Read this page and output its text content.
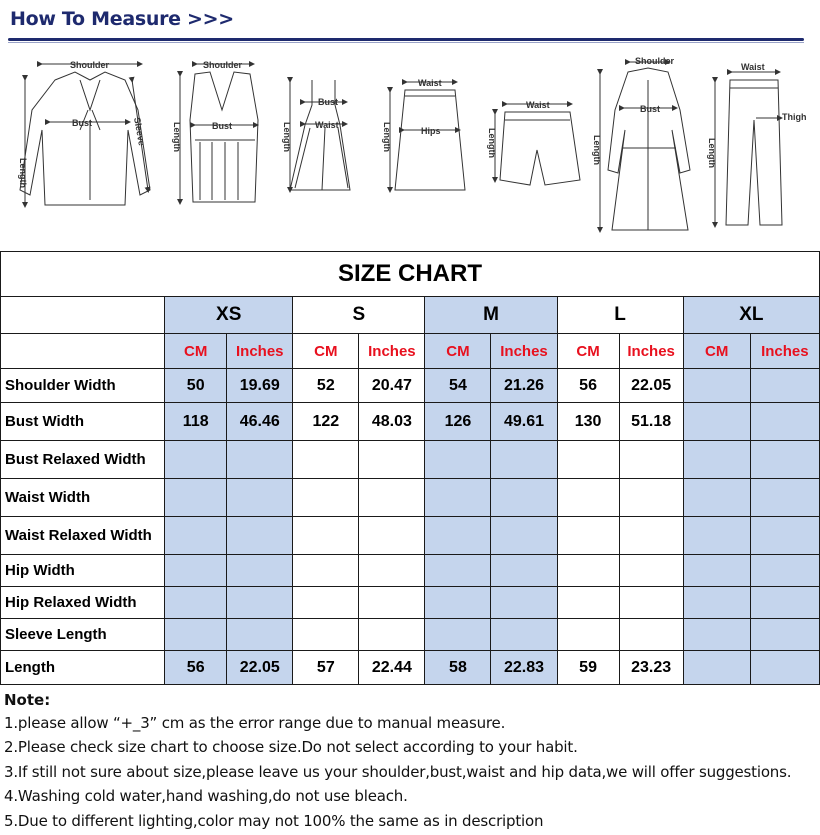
How To Measure >>>
Shoulder
Bust
Length
Sleeve
Shoulder
Bust
Length
Bust
Waist
Length
Waist
Hips
Length
Waist
Length
Shoulder
Bust
Length
Waist
Thigh
Length
SIZE CHART										
	XS		S		M		L		XL	
	CM	Inches	CM	Inches	CM	Inches	CM	Inches	CM	Inches
Shoulder Width	50	19.69	52	20.47	54	21.26	56	22.05		
Bust Width	118	46.46	122	48.03	126	49.61	130	51.18		
Bust Relaxed Width										
Waist Width										
Waist Relaxed Width										
Hip Width										
Hip Relaxed Width										
Sleeve Length										
Length	56	22.05	57	22.44	58	22.83	59	23.23		
Note:
1.please allow “+_3” cm as the error range due to manual measure.
2.Please check size chart to choose size.Do not select according to your habit.
3.If still not sure about size,please leave us your shoulder,bust,waist and hip data,we will offer suggestions.
4.Washing cold water,hand washing,do not use bleach.
5.Due to different lighting,color may not 100% the same as in description
